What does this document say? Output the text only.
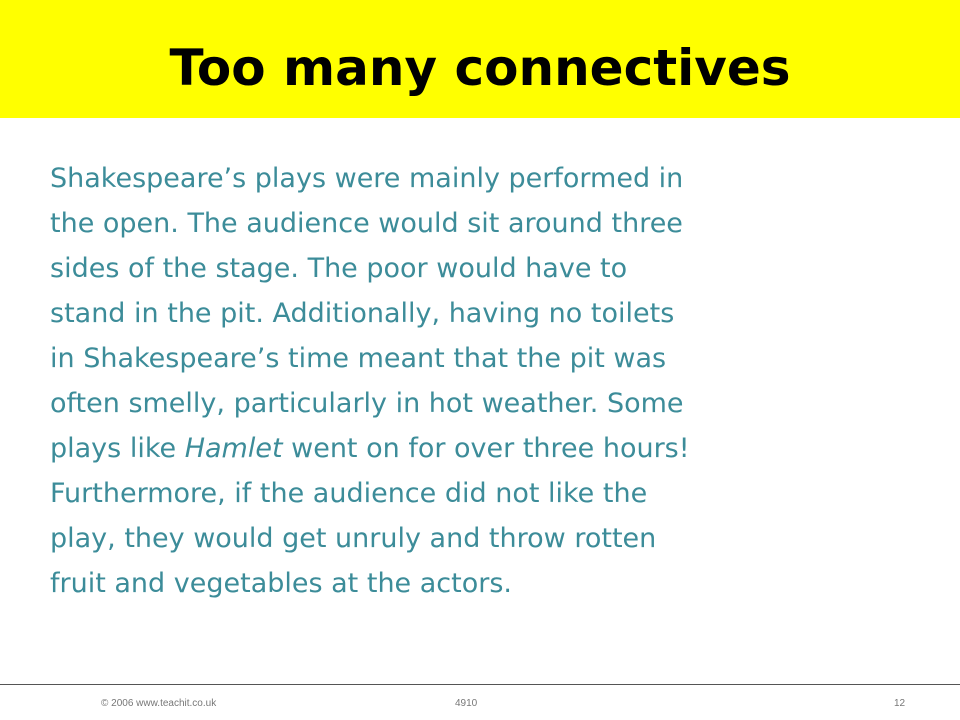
Too many connectives
Shakespeare’s plays were mainly performed in
the open. The audience would sit around three
sides of the stage. The poor would have to
stand in the pit. Additionally, having no toilets
in Shakespeare’s time meant that the pit was
often smelly, particularly in hot weather. Some
plays like Hamlet went on for over three hours!
Furthermore, if the audience did not like the
play, they would get unruly and throw rotten
fruit and vegetables at the actors.
© 2006 www.teachit.co.uk	4910	12
